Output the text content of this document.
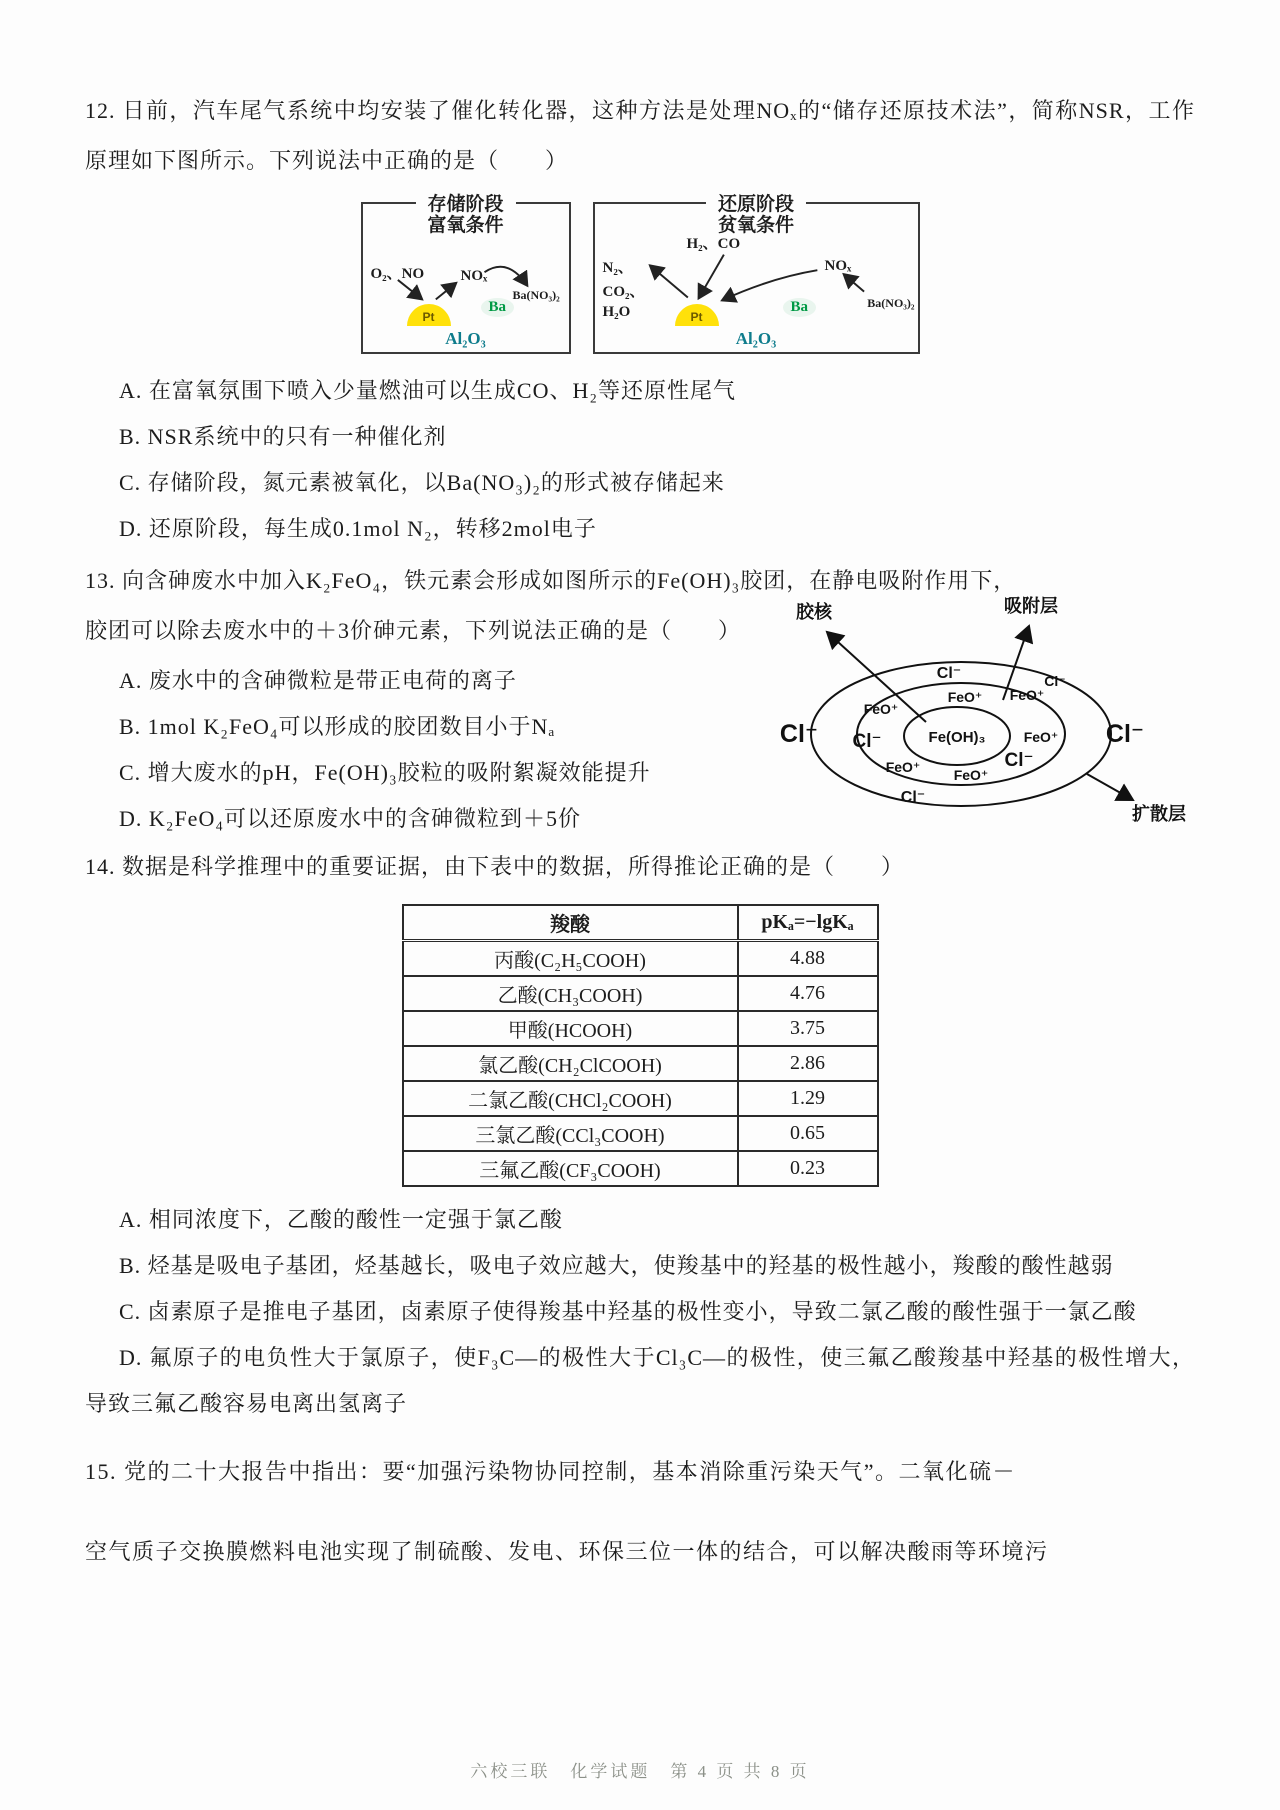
12. 日前，汽车尾气系统中均安装了催化转化器，这种方法是处理NOₓ的“储存还原技术法”，简称NSR，工作原理如下图所示。下列说法中正确的是（　　）

存储阶段
富氧条件
O₂、NO NOₓ
Ba(NO₃)₂
Ba
Pt
Al₂O₃
还原阶段
贫氧条件
H₂、CO
N₂、
CO₂、
H₂O
NOₓ
Ba(NO₃)₂
Ba
Pt
Al₂O₃

A. 在富氧氛围下喷入少量燃油可以生成CO、H₂等还原性尾气

B. NSR系统中的只有一种催化剂

C. 存储阶段，氮元素被氧化，以Ba(NO₃)₂的形式被存储起来

D. 还原阶段，每生成0.1mol N₂，转移2mol电子

13. 向含砷废水中加入K₂FeO₄，铁元素会形成如图所示的Fe(OH)₃胶团，在静电吸附作用下，

胶团可以除去废水中的＋3价砷元素，下列说法正确的是（　　）

A. 废水中的含砷微粒是带正电荷的离子

B. 1mol K₂FeO₄可以形成的胶团数目小于Nₐ

C. 增大废水的pH，Fe(OH)₃胶粒的吸附絮凝效能提升

D. K₂FeO₄可以还原废水中的含砷微粒到＋5价

Fe(OH)₃
FeO⁺
FeO⁺
FeO⁺
FeO⁺
FeO⁺ FeO⁺
Cl⁻
Cl⁻
Cl⁻	Cl⁻
Cl⁻
Cl⁻	Cl⁻
胶核	吸附层
扩散层

14. 数据是科学推理中的重要证据，由下表中的数据，所得推论正确的是（　　）

羧酸	pKₐ=−lgKₐ
丙酸(C₂H₅COOH)	4.88
乙酸(CH₃COOH)	4.76
甲酸(HCOOH)	3.75
氯乙酸(CH₂ClCOOH)	2.86
二氯乙酸(CHCl₂COOH)	1.29
三氯乙酸(CCl₃COOH)	0.65
三氟乙酸(CF₃COOH)	0.23

A. 相同浓度下，乙酸的酸性一定强于氯乙酸

B. 烃基是吸电子基团，烃基越长，吸电子效应越大，使羧基中的羟基的极性越小，羧酸的酸性越弱

C. 卤素原子是推电子基团，卤素原子使得羧基中羟基的极性变小，导致二氯乙酸的酸性强于一氯乙酸

D. 氟原子的电负性大于氯原子，使F₃C—的极性大于Cl₃C—的极性，使三氟乙酸羧基中羟基的极性增大，导致三氟乙酸容易电离出氢离子

15. 党的二十大报告中指出：要“加强污染物协同控制，基本消除重污染天气”。二氧化硫－

空气质子交换膜燃料电池实现了制硫酸、发电、环保三位一体的结合，可以解决酸雨等环境污

六校三联　化学试题　第 4 页 共 8 页
